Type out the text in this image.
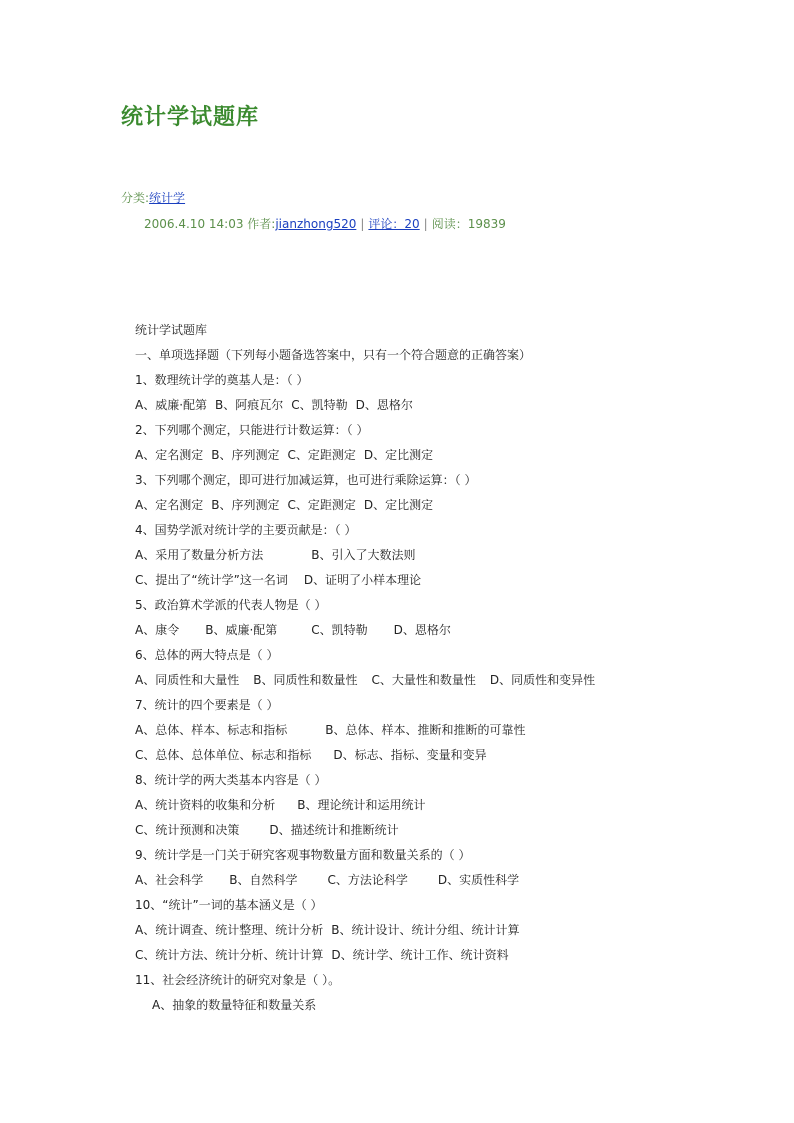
统计学试题库
分类:统计学
2006.4.10 14:03 作者:jianzhong520 | 评论：20 | 阅读：19839
统计学试题库
一、单项选择题（下列每小题备选答案中，只有一个符合题意的正确答案）
1、数理统计学的奠基人是：（ ）
A、威廉·配第 B、阿痕瓦尔 C、凯特勒 D、恩格尔
2、下列哪个测定，只能进行计数运算：（ ）
A、定名测定 B、序列测定 C、定距测定 D、定比测定
3、下列哪个测定，即可进行加减运算，也可进行乘除运算：（ ）
A、定名测定 B、序列测定 C、定距测定 D、定比测定
4、国势学派对统计学的主要贡献是：（ ）
A、采用了数量分析方法	B、引入了大数法则
C、提出了“统计学”这一名词 D、证明了小样本理论
5、政治算术学派的代表人物是（ ）
A、康令 B、威廉·配第	C、凯特勒 D、恩格尔
6、总体的两大特点是（ ）
A、同质性和大量性 B、同质性和数量性 C、大量性和数量性 D、同质性和变异性
7、统计的四个要素是（ ）
A、总体、样本、标志和指标	B、总体、样本、推断和推断的可靠性
C、总体、总体单位、标志和指标 D、标志、指标、变量和变异
8、统计学的两大类基本内容是（ ）
A、统计资料的收集和分析 B、理论统计和运用统计
C、统计预测和决策	D、描述统计和推断统计
9、统计学是一门关于研究客观事物数量方面和数量关系的（ ）
A、社会科学 B、自然科学	C、方法论科学	D、实质性科学
10、“统计”一词的基本涵义是（ ）
A、统计调查、统计整理、统计分析 B、统计设计、统计分组、统计计算
C、统计方法、统计分析、统计计算 D、统计学、统计工作、统计资料
11、社会经济统计的研究对象是（ ）。
A、抽象的数量特征和数量关系
